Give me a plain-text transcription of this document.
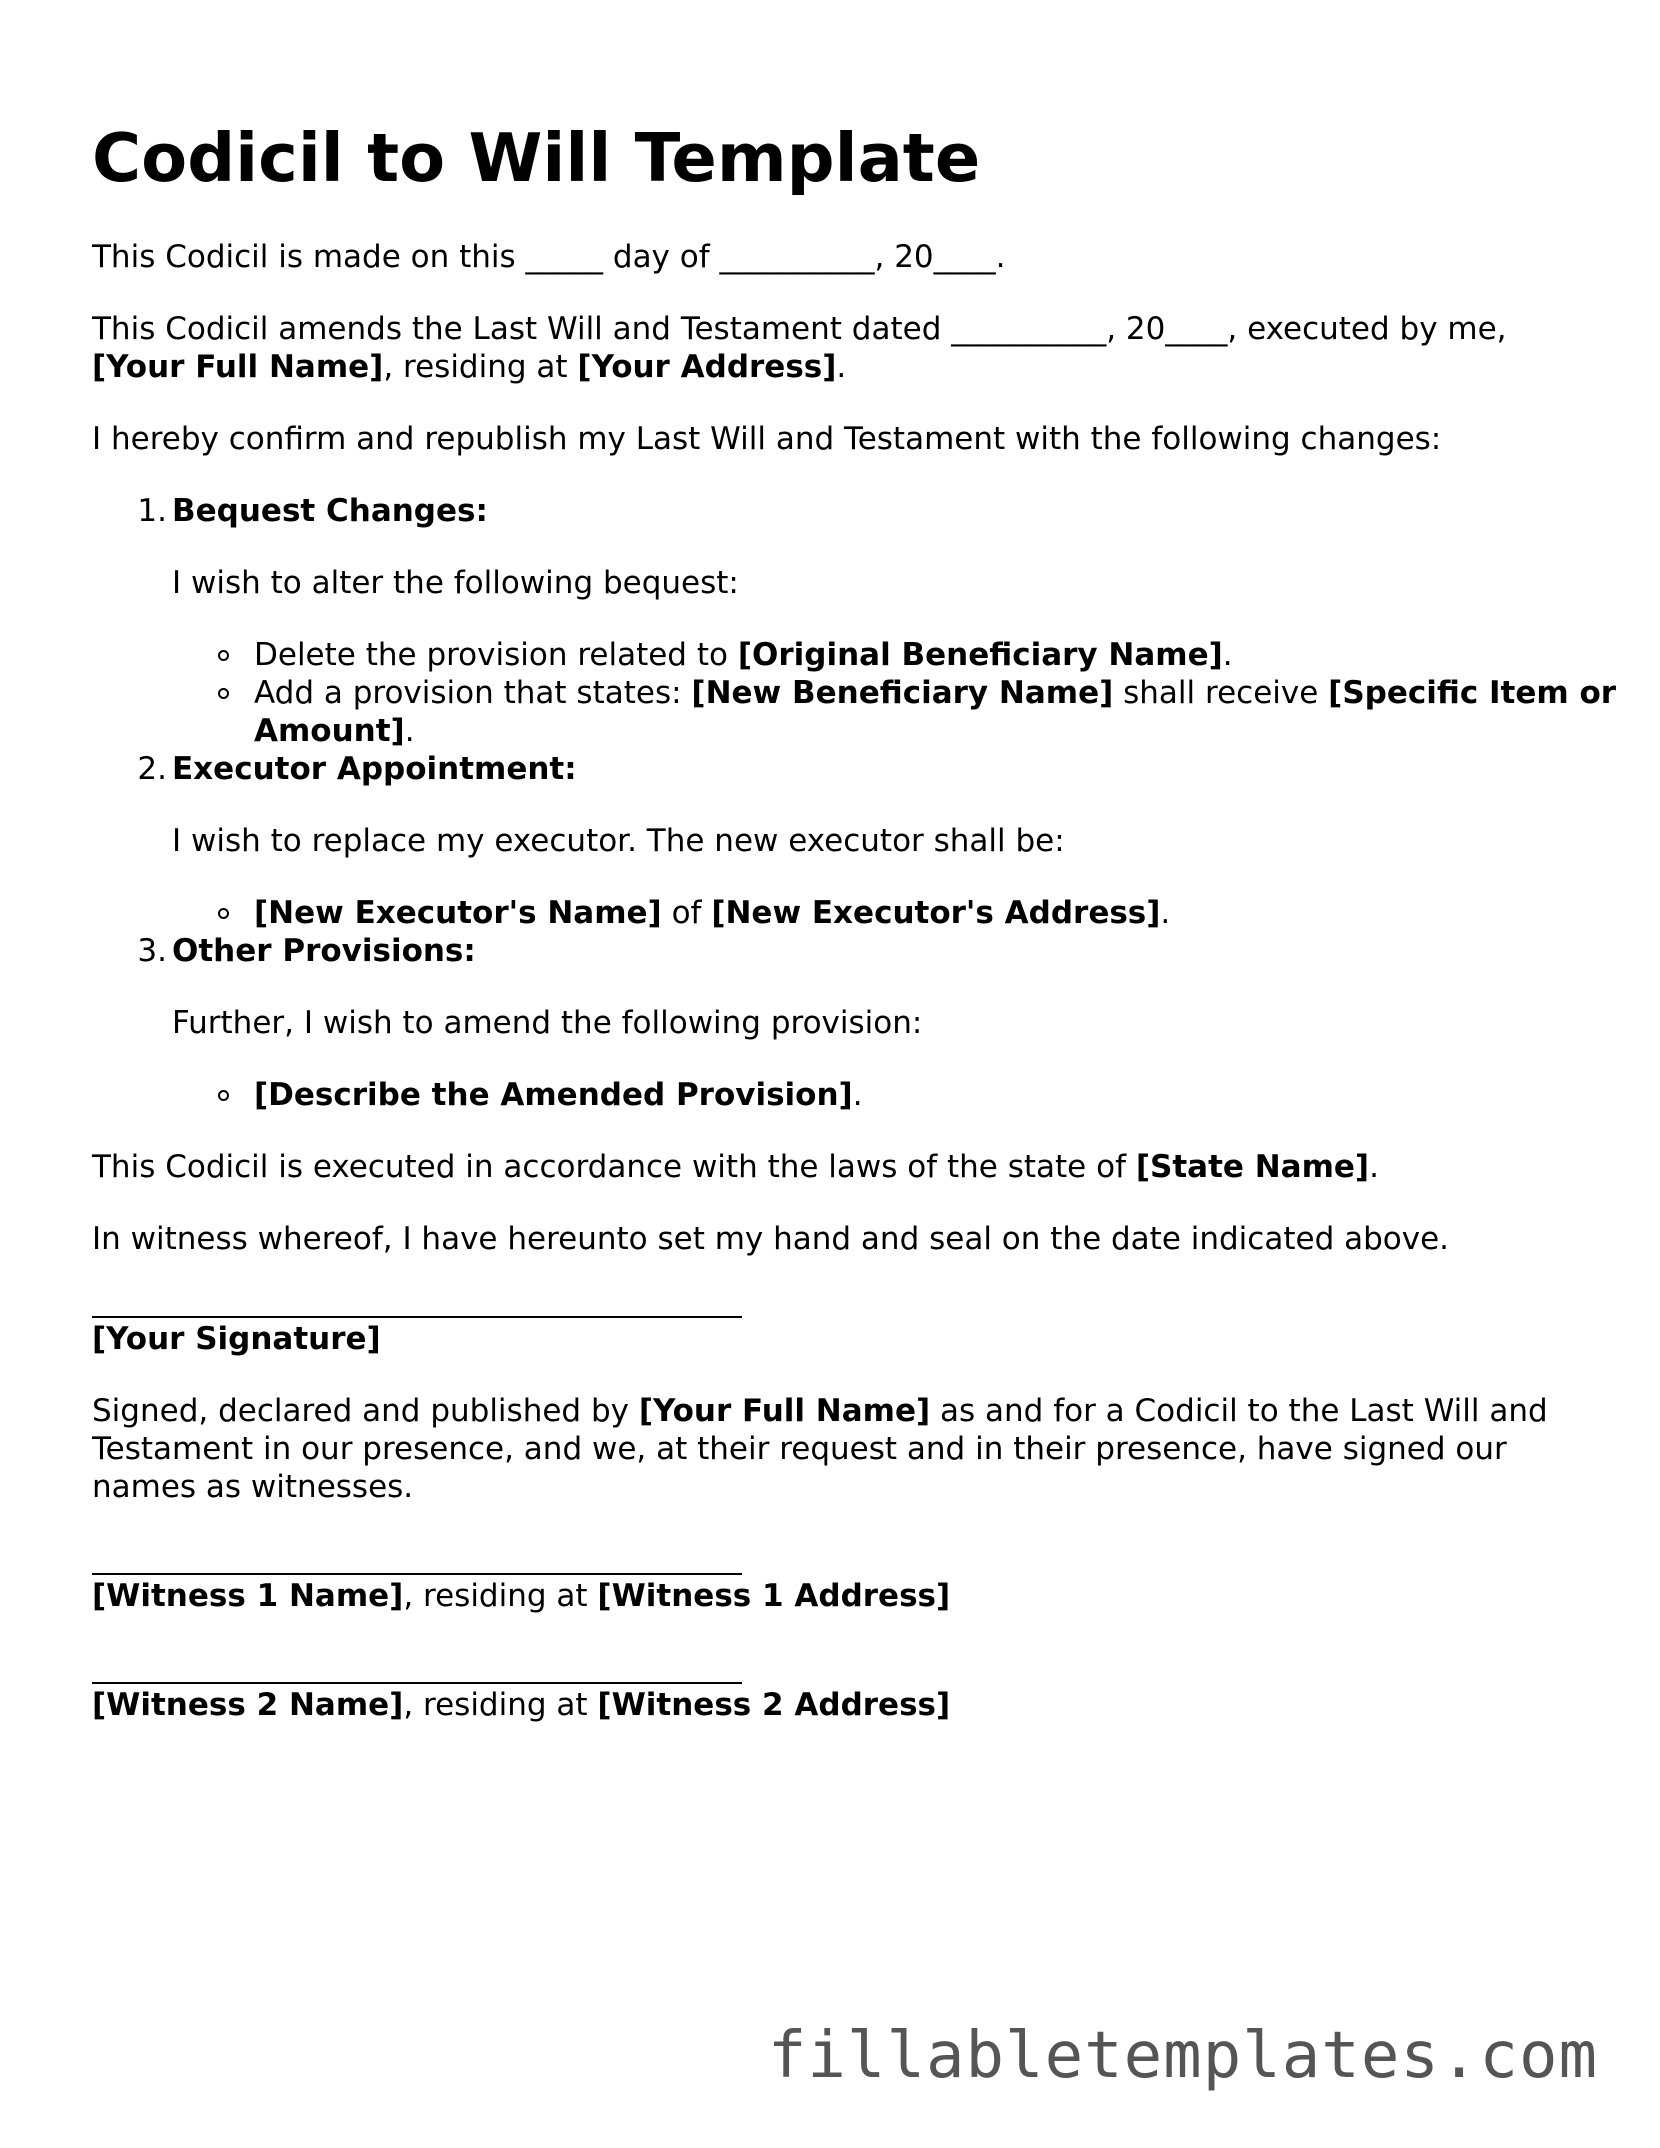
Codicil to Will Template

This Codicil is made on this _____ day of __________, 20____.

This Codicil amends the Last Will and Testament dated __________, 20____, executed by me,
[Your Full Name], residing at [Your Address].

I hereby confirm and republish my Last Will and Testament with the following changes:

1. Bequest Changes:

I wish to alter the following bequest:

Delete the provision related to [Original Beneficiary Name].
Add a provision that states: [New Beneficiary Name] shall receive [Specific Item or Amount].
2. Executor Appointment:

I wish to replace my executor. The new executor shall be:

[New Executor's Name] of [New Executor's Address].
3. Other Provisions:

Further, I wish to amend the following provision:

[Describe the Amended Provision].

This Codicil is executed in accordance with the laws of the state of [State Name].

In witness whereof, I have hereunto set my hand and seal on the date indicated above.

[Your Signature]

Signed, declared and published by [Your Full Name] as and for a Codicil to the Last Will and Testament in our presence, and we, at their request and in their presence, have signed our names as witnesses.

[Witness 1 Name], residing at [Witness 1 Address]

[Witness 2 Name], residing at [Witness 2 Address]

fillabletemplates.com
